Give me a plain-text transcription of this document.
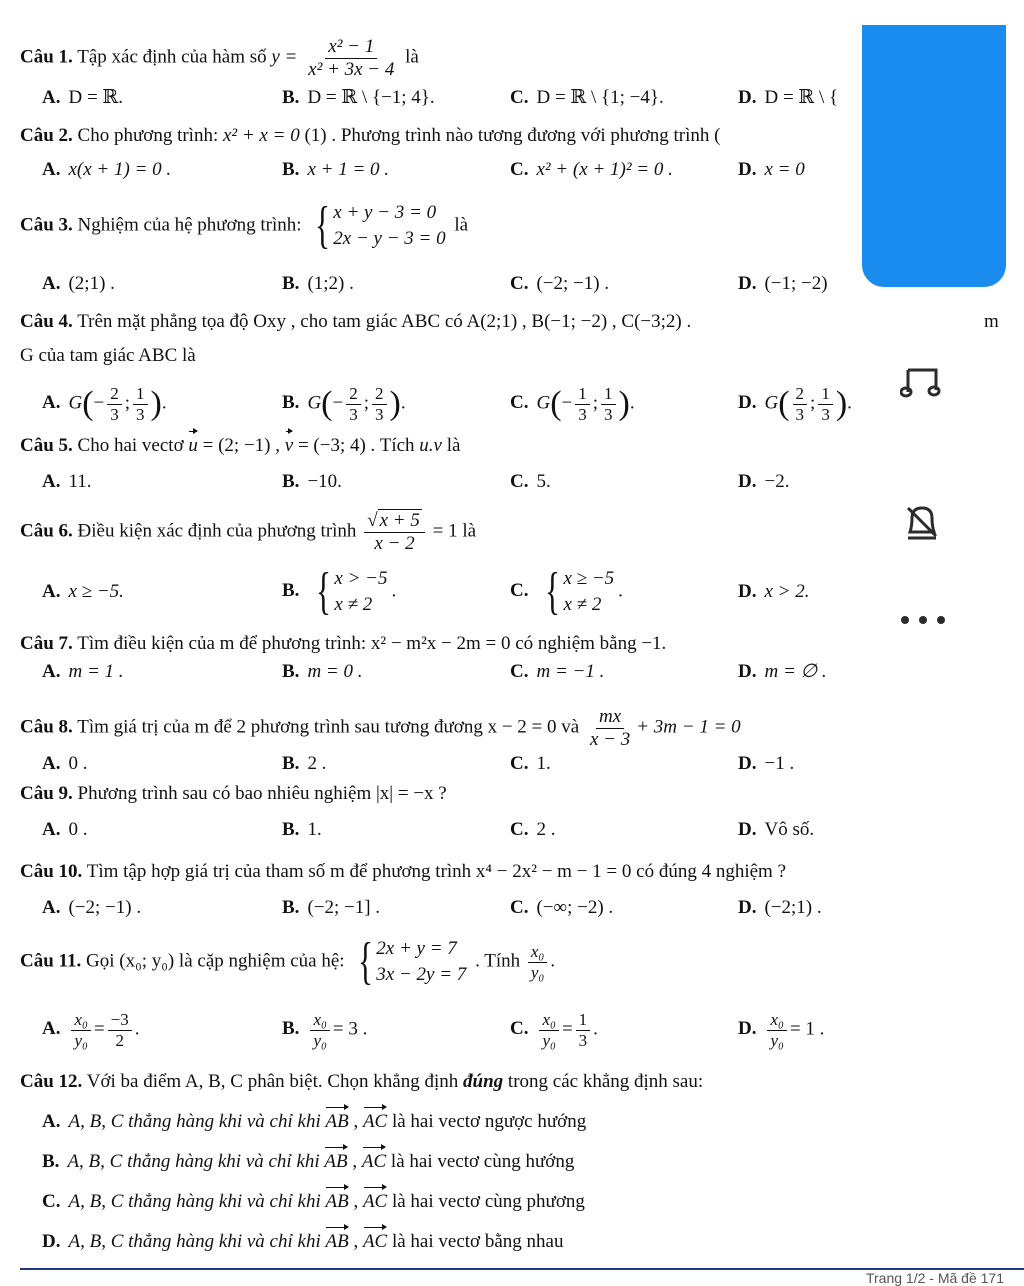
Câu 1. Tập xác định của hàm số $y = \frac{\text{x² − 1}}{\text{x² + 3x − 4}}$ là
A. D = ℝ.	B. D = ℝ \ {−1; 4}.	C. D = ℝ \ {1; −4}.	D. D = ℝ \ {
Câu 2. Cho phương trình: x² + x = 0 (1) . Phương trình nào tương đương với phương trình (
A. x(x + 1) = 0 .	B. x + 1 = 0 .	C. x² + (x + 1)² = 0 .	D. x = 0
Câu 3. Nghiệm của hệ phương trình: { x + y − 3 = 0
2x − y − 3 = 0
là
A. (2;1) .	B. (1;2) .	C. (−2; −1) .	D. (−1; −2)
Câu 4. Trên mặt phẳng tọa độ Oxy , cho tam giác ABC có A(2;1) , B(−1; −2) , C(−3;2) .	m
G của tam giác ABC là
A. $G(- \frac{2}{3}$ ; $\frac{1}{3}$ ).	B. $G(- \frac{2}{3}$ ; $\frac{2}{3}$ ).	C. $G(- \frac{1}{3}$ ; $\frac{1}{3}$ ).	D. $G( \frac{2}{3}$ ; $\frac{1}{3}$ ).
Câu 5. Cho hai vectơ u = (2; −1) , v = (−3; 4) . Tích u.v là
A. 11.	B. −10.	C. 5.	D. −2.
Câu 6. Điều kiện xác định của phương trình $\frac{√ x + 5}{x - 2} = 1$ là
A. x ≥ −5.	B. { x > −5
x ≠ 2
.	C. { x ≥ −5
x ≠ 2
.	D. x > 2.
Câu 7. Tìm điều kiện của m để phương trình: x² − m²x − 2m = 0 có nghiệm bằng −1.
A. m = 1 .	B. m = 0 .	C. m = −1 .	D. m = ∅ .
Câu 8. Tìm giá trị của m để 2 phương trình sau tương đương x − 2 = 0 và $\frac{mx}{x - 3} + 3m - 1 = 0$
A. 0 .	B. 2 .	C. 1.	D. −1 .
Câu 9. Phương trình sau có bao nhiêu nghiệm |x| = −x ?
A. 0 .	B. 1.	C. 2 .	D. Vô số.
Câu 10. Tìm tập hợp giá trị của tham số m để phương trình x⁴ − 2x² − m − 1 = 0 có đúng 4 nghiệm ?
A. (−2; −1) .	B. (−2; −1] .	C. (−∞; −2) .	D. (−2;1) .
Câu 11. Gọi (x₀; y₀) là cặp nghiệm của hệ: { 2x + y = 7
3x − 2y = 7
. Tính $\frac{\text{x₀}}{\text{y₀}}$ .
A. $\frac{\text{x₀}}{\text{y₀}} = \frac{-3}{2}$ .	B. $\frac{\text{x₀}}{\text{y₀}} = 3$ .	C. $\frac{\text{x₀}}{\text{y₀}} = \frac{1}{3}$ .	D. $\frac{\text{x₀}}{\text{y₀}} = 1$ .
Câu 12. Với ba điểm A, B, C phân biệt. Chọn khẳng định đúng trong các khẳng định sau:
A. A, B, C thẳng hàng khi và chỉ khi AB , AC là hai vectơ ngược hướng
B. A, B, C thẳng hàng khi và chỉ khi AB , AC là hai vectơ cùng hướng
C. A, B, C thẳng hàng khi và chỉ khi AB , AC là hai vectơ cùng phương
D. A, B, C thẳng hàng khi và chỉ khi AB , AC là hai vectơ bằng nhau
Trang 1/2 - Mã đề 171
